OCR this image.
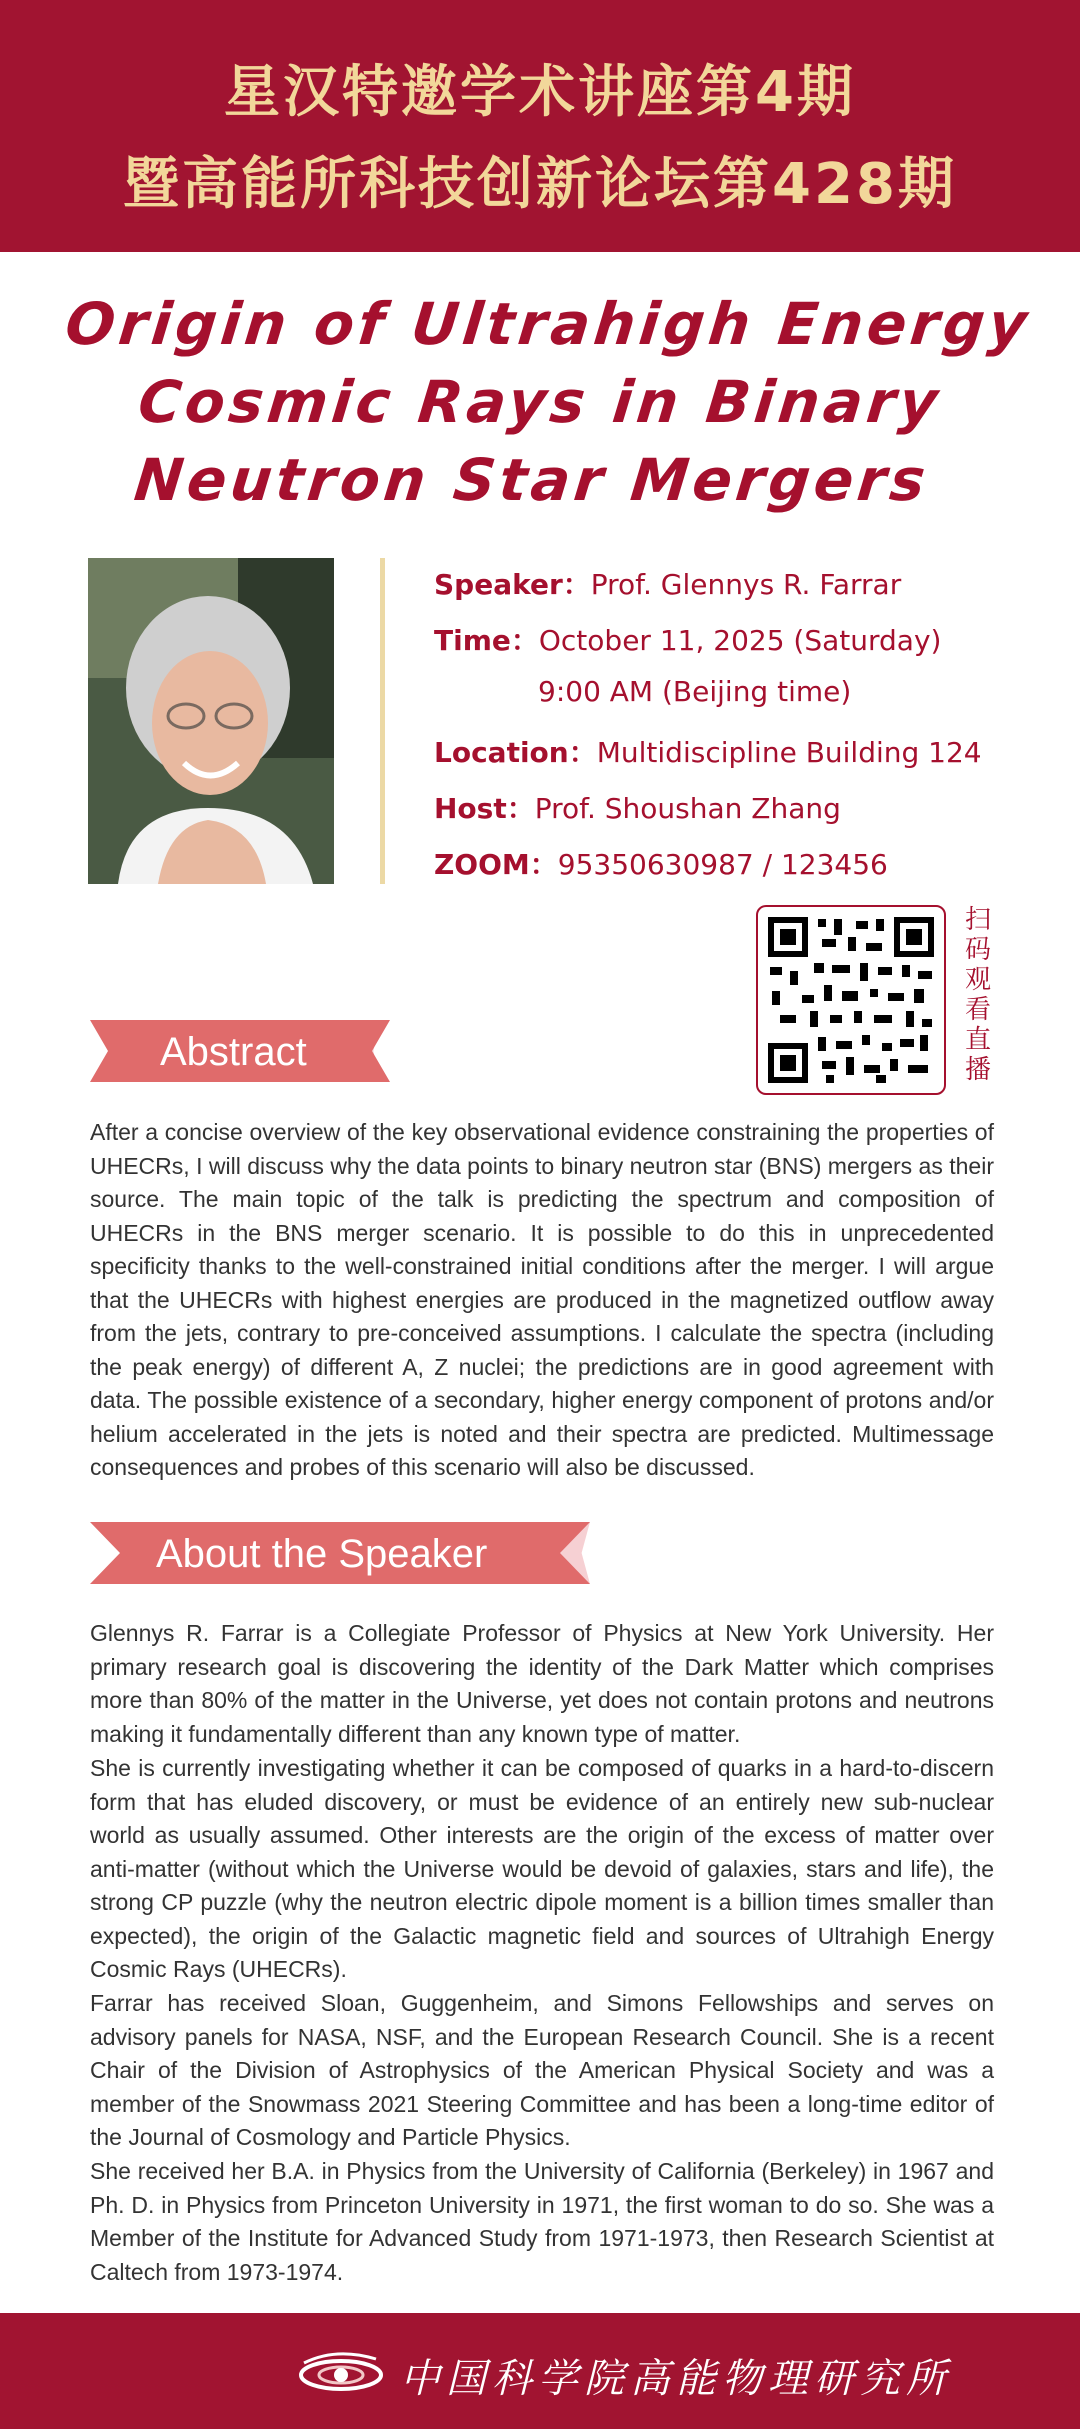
星汉特邀学术讲座第4期
暨高能所科技创新论坛第428期
Origin of Ultrahigh Energy
Cosmic Rays in Binary
Neutron Star Mergers
Speaker：Prof. Glennys R. Farrar
Time：October 11, 2025 (Saturday)
9:00 AM (Beijing time)
Location：Multidiscipline Building 124
Host：Prof. Shoushan Zhang
ZOOM：95350630987 / 123456
扫
码
观
看
直
播
Abstract

After a concise overview of the key observational evidence constraining the properties of UHECRs, I will discuss why the data points to binary neutron star (BNS) mergers as their source. The main topic of the talk is predicting the spectrum and composition of UHECRs in the BNS merger scenario. It is possible to do this in unprecedented specificity thanks to the well-constrained initial conditions after the merger. I will argue that the UHECRs with highest energies are produced in the magnetized outflow away from the jets, contrary to pre-conceived assumptions. I calculate the spectra (including the peak energy) of different A, Z nuclei; the predictions are in good agreement with data. The possible existence of a secondary, higher energy component of protons and/or helium accelerated in the jets is noted and their spectra are predicted. Multimessage consequences and probes of this scenario will also be discussed.

About the Speaker

Glennys R. Farrar is a Collegiate Professor of Physics at New York University. Her primary research goal is discovering the identity of the Dark Matter which comprises more than 80% of the matter in the Universe, yet does not contain protons and neutrons making it fundamentally different than any known type of matter.

She is currently investigating whether it can be composed of quarks in a hard-to-discern form that has eluded discovery, or must be evidence of an entirely new sub-nuclear world as usually assumed. Other interests are the origin of the excess of matter over anti-matter (without which the Universe would be devoid of galaxies, stars and life), the strong CP puzzle (why the neutron electric dipole moment is a billion times smaller than expected), the origin of the Galactic magnetic field and sources of Ultrahigh Energy Cosmic Rays (UHECRs).

Farrar has received Sloan, Guggenheim, and Simons Fellowships and serves on advisory panels for NASA, NSF, and the European Research Council. She is a recent Chair of the Division of Astrophysics of the American Physical Society and was a member of the Snowmass 2021 Steering Committee and has been a long-time editor of the Journal of Cosmology and Particle Physics.

She received her B.A. in Physics from the University of California (Berkeley) in 1967 and Ph. D. in Physics from Princeton University in 1971, the first woman to do so. She was a Member of the Institute for Advanced Study from 1971-1973, then Research Scientist at Caltech from 1973-1974.

中国科学院高能物理研究所
